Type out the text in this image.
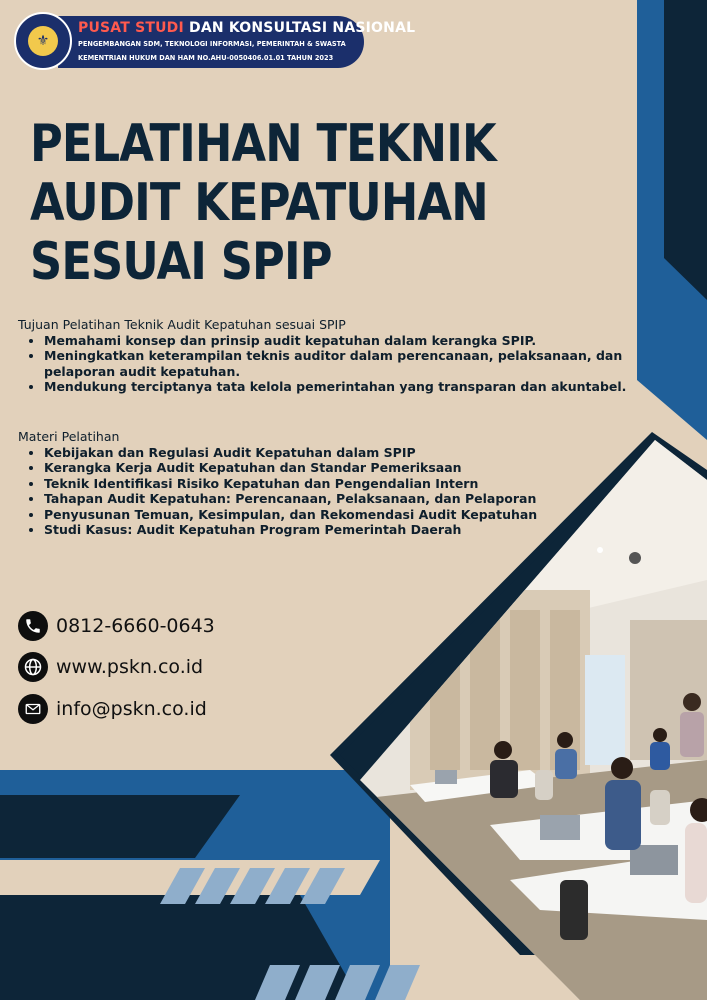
⚜
PUSAT STUDI DAN KONSULTASI NASIONAL
PENGEMBANGAN SDM, TEKNOLOGI INFORMASI, PEMERINTAH & SWASTA
KEMENTRIAN HUKUM DAN HAM NO.AHU-0050406.01.01 TAHUN 2023
PELATIHAN TEKNIK
AUDIT KEPATUHAN
SESUAI SPIP
Tujuan Pelatihan Teknik Audit Kepatuhan sesuai SPIP
• Memahami konsep dan prinsip audit kepatuhan dalam kerangka SPIP.
• Meningkatkan keterampilan teknis auditor dalam perencanaan, pelaksanaan, dan pelaporan audit kepatuhan.
• Mendukung terciptanya tata kelola pemerintahan yang transparan dan akuntabel.
Materi Pelatihan
• Kebijakan dan Regulasi Audit Kepatuhan dalam SPIP
• Kerangka Kerja Audit Kepatuhan dan Standar Pemeriksaan
• Teknik Identifikasi Risiko Kepatuhan dan Pengendalian Intern
• Tahapan Audit Kepatuhan: Perencanaan, Pelaksanaan, dan Pelaporan
• Penyusunan Temuan, Kesimpulan, dan Rekomendasi Audit Kepatuhan
• Studi Kasus: Audit Kepatuhan Program Pemerintah Daerah
0812-6660-0643
www.pskn.co.id
info@pskn.co.id
